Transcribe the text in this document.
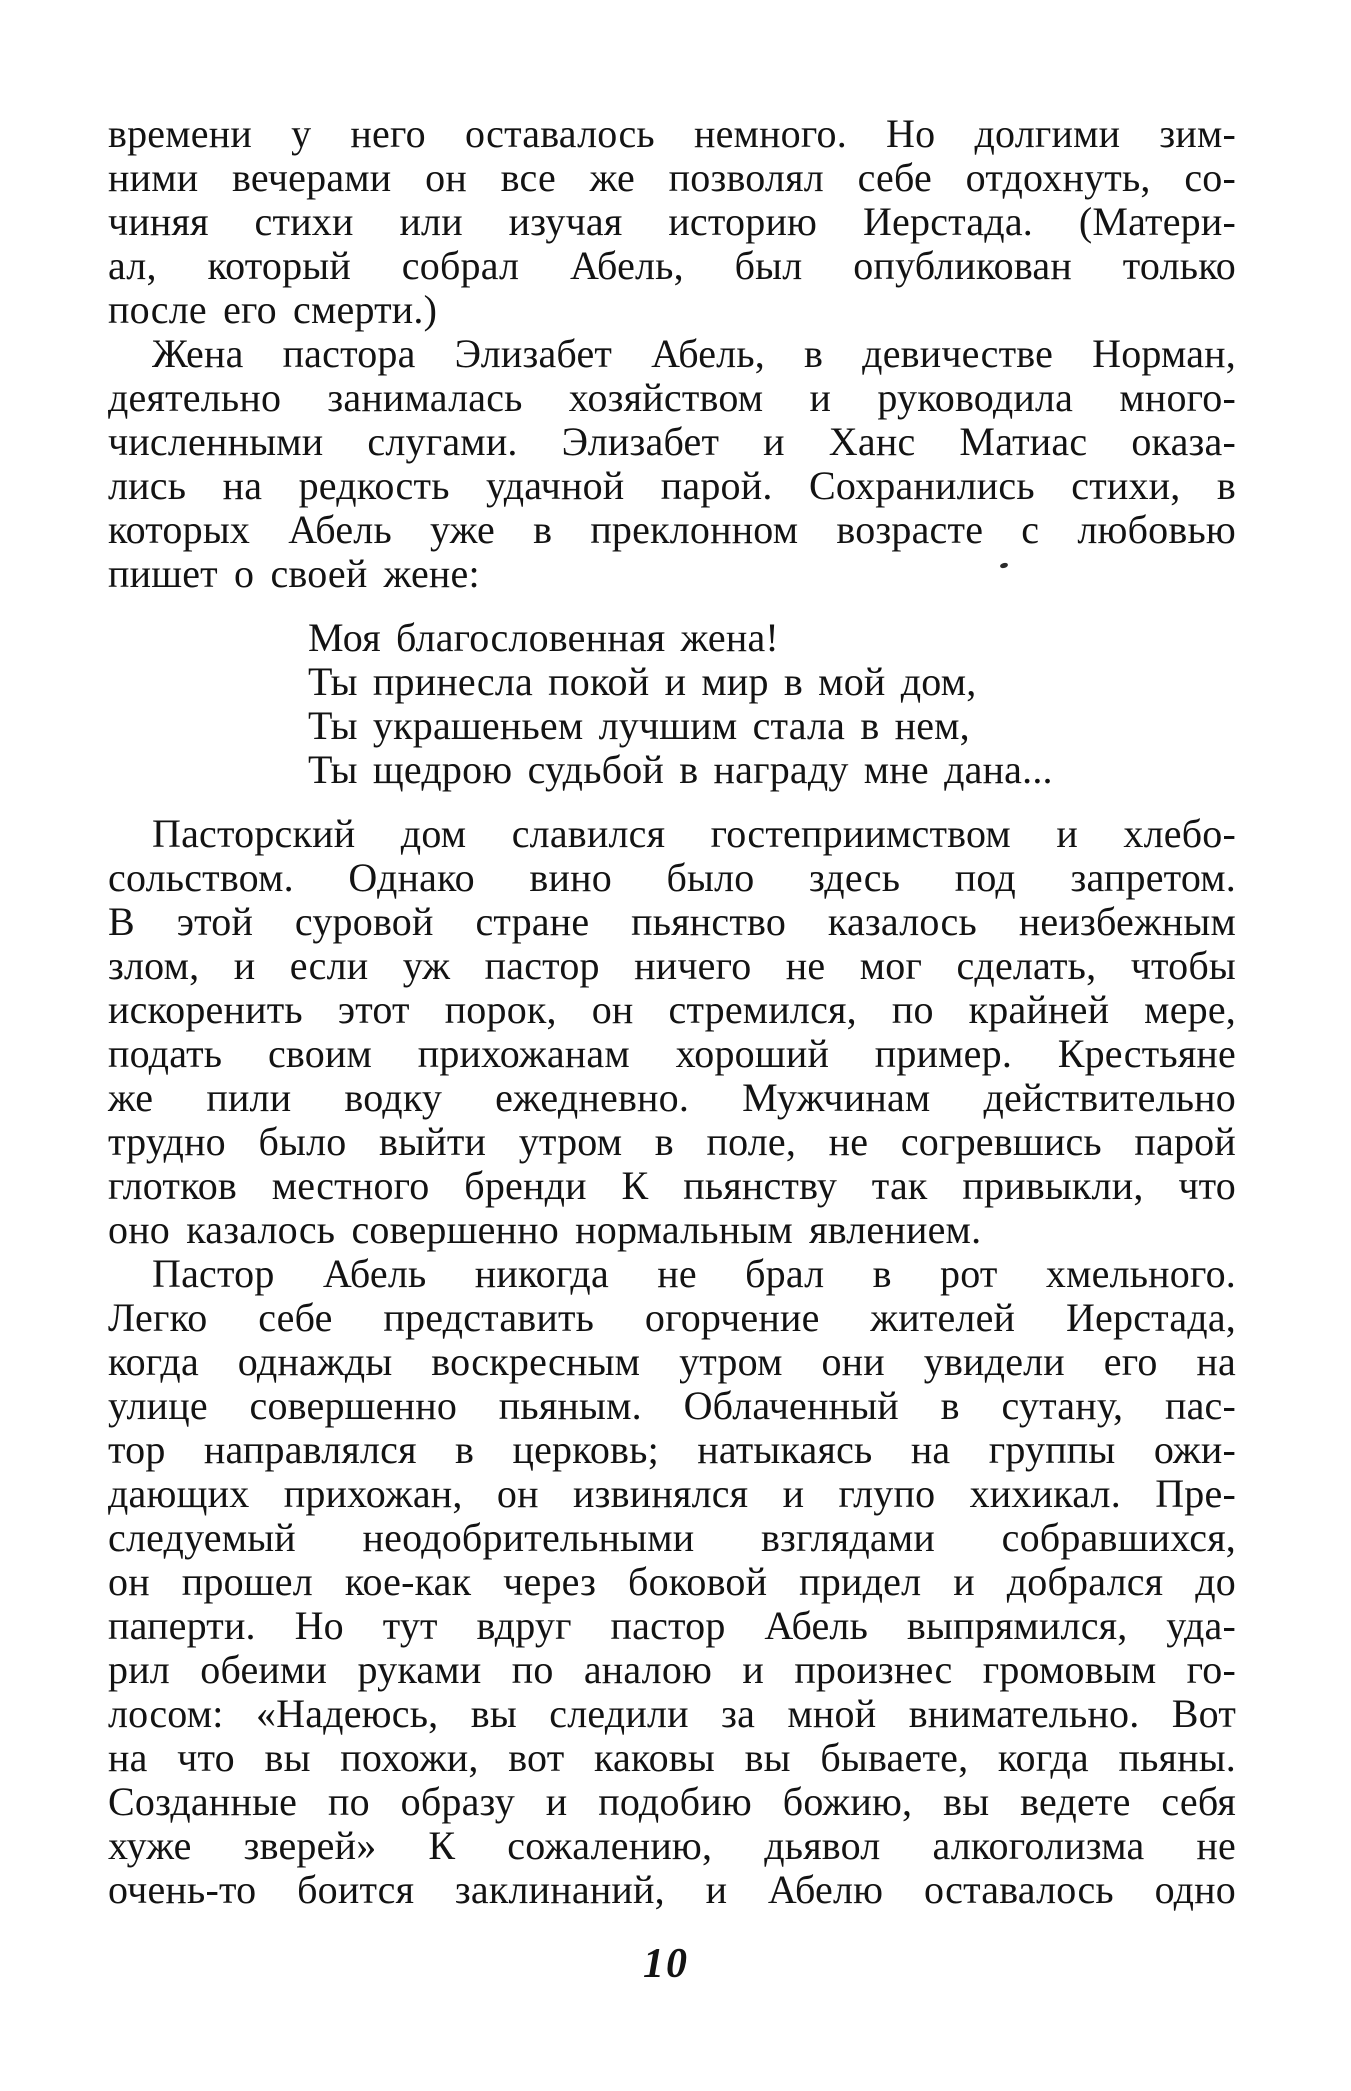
времени у него оставалось немного. Но долгими зим-
ними вечерами он все же позволял себе отдохнуть, со-
чиняя стихи или изучая историю Иерстада. (Матери-
ал, который собрал Абель, был опубликован только
после его смерти.)
Жена пастора Элизабет Абель, в девичестве Норман,
деятельно занималась хозяйством и руководила много-
численными слугами. Элизабет и Ханс Матиас оказа-
лись на редкость удачной парой. Сохранились стихи, в
которых Абель уже в преклонном возрасте с любовью
пишет о своей жене:
Моя благословенная жена!
Ты принесла покой и мир в мой дом,
Ты украшеньем лучшим стала в нем,
Ты щедрою судьбой в награду мне дана...
Пасторский дом славился гостеприимством и хлебо-
сольством. Однако вино было здесь под запретом.
В этой суровой стране пьянство казалось неизбежным
злом, и если уж пастор ничего не мог сделать, чтобы
искоренить этот порок, он стремился, по крайней мере,
подать своим прихожанам хороший пример. Крестьяне
же пили водку ежедневно. Мужчинам действительно
трудно было выйти утром в поле, не согревшись парой
глотков местного бренди К пьянству так привыкли, что
оно казалось совершенно нормальным явлением.
Пастор Абель никогда не брал в рот хмельного.
Легко себе представить огорчение жителей Иерстада,
когда однажды воскресным утром они увидели его на
улице совершенно пьяным. Облаченный в сутану, пас-
тор направлялся в церковь; натыкаясь на группы ожи-
дающих прихожан, он извинялся и глупо хихикал. Пре-
следуемый неодобрительными взглядами собравшихся,
он прошел кое-как через боковой придел и добрался до
паперти. Но тут вдруг пастор Абель выпрямился, уда-
рил обеими руками по аналою и произнес громовым го-
лосом: «Надеюсь, вы следили за мной внимательно. Вот
на что вы похожи, вот каковы вы бываете, когда пьяны.
Созданные по образу и подобию божию, вы ведете себя
хуже зверей» К сожалению, дьявол алкоголизма не
очень-то боится заклинаний, и Абелю оставалось одно
10
